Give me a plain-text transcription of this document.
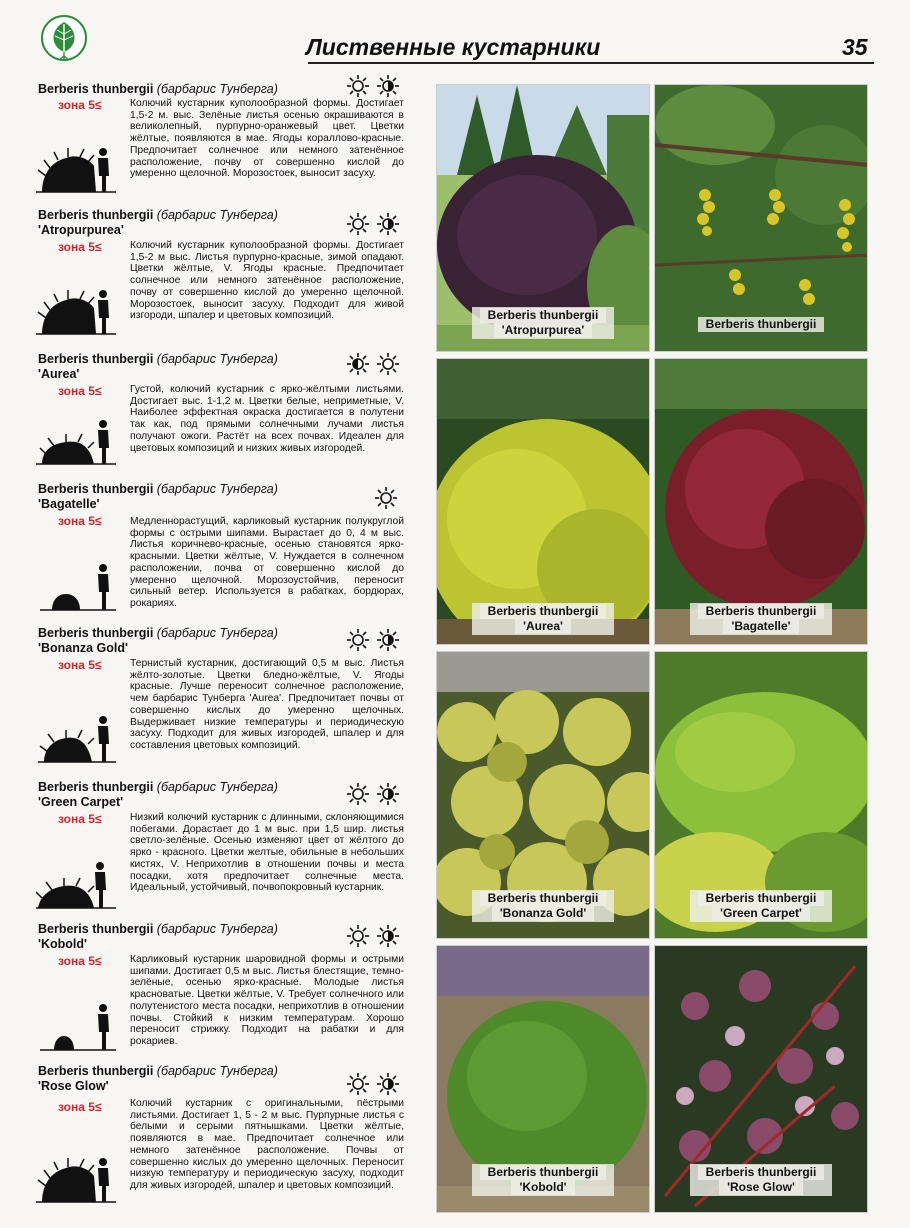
Лиственные кустарники	35
Berberis thunbergii (барбарис Тунберга)
зона 5≤	Колючий кустарник куполообразной формы. Достигает 1,5-2 м. выс. Зелёные листья осенью окрашиваются в великолепный, пурпурно-оранжевый цвет. Цветки жёлтые, появляются в мае. Ягоды кораллово-красные. Предпочитает солнечное или немного затенённое расположение, почву от совершенно кислой до умеренно щелочной. Морозостоек, выносит засуху.
Berberis thunbergii (барбарис Тунберга)
'Atropurpurea'
зона 5≤	Колючий кустарник куполообразной формы. Достигает 1,5-2 м выс. Листья пурпурно-красные, зимой опадают. Цветки жёлтые, V. Ягоды красные. Предпочитает солнечное или немного затенённое расположение, почву от совершенно кислой до умеренно щелочной. Морозостоек, выносит засуху. Подходит для живой изгороди, шпалер и цветовых композиций.
Berberis thunbergii (барбарис Тунберга)
'Aurea'
зона 5≤	Густой, колючий кустарник с ярко-жёлтыми листьями. Достигает выс. 1-1,2 м. Цветки белые, неприметные, V. Наиболее эффектная окраска достигается в полутени так как, под прямыми солнечными лучами листья получают ожоги. Растёт на всех почвах. Идеален для цветовых композиций и низких живых изгородей.
Berberis thunbergii (барбарис Тунберга)
'Bagatelle'
зона 5≤	Медленнорастущий, карликовый кустарник полукруглой формы с острыми шипами. Вырастает до 0, 4 м выс. Листья коричнево-красные, осенью становятся ярко-красными. Цветки жёлтые, V. Нуждается в солнечном расположении, почва от совершенно кислой до умеренно щелочной. Морозоустойчив, переносит сильный ветер. Используется в рабатках, бордюрах, рокариях.
Berberis thunbergii (барбарис Тунберга)
'Bonanza Gold'
зона 5≤	Тернистый кустарник, достигающий 0,5 м выс. Листья жёлто-золотые. Цветки бледно-жёлтые, V. Ягоды красные. Лучше переносит солнечное расположение, чем барбарис Тунберга 'Aurea'. Предпочитает почвы от совершенно кислых до умеренно щелочных. Выдерживает низкие температуры и периодическую засуху. Подходит для живых изгородей, шпалер и для составления цветовых композиций.
Berberis thunbergii (барбарис Тунберга)
'Green Carpet'
зона 5≤	Низкий колючий кустарник с длинными, склоняющимися побегами. Дорастает до 1 м выс. при 1,5 шир. листья светло-зелёные. Осенью изменяют цвет от жёлтого до ярко - красного. Цветки желтые, обильные в небольших кистях, V. Неприхотлив в отношении почвы и места посадки, хотя предпочитает солнечные места. Идеальный, устойчивый, почвопокровный кустарник.
Berberis thunbergii (барбарис Тунберга)
'Kobold'
зона 5≤	Карликовый кустарник шаровидной формы и острыми шипами. Достигает 0,5 м выс. Листья блестящие, темно-зелёные, осенью ярко-красные. Молодые листья красноватые. Цветки жёлтые, V. Требует солнечного или полутенистого места посадки, неприхотлив в отношении почвы. Стойкий к низким температурам. Хорошо переносит стрижку. Подходит на рабатки и для рокариев.
Berberis thunbergii (барбарис Тунберга)
'Rose Glow'
зона 5≤	Колючий кустарник с оригинальными, пёстрыми листьями. Достигает 1, 5 - 2 м выс. Пурпурные листья с белыми и серыми пятнышками. Цветки жёлтые, появляются в мае. Предпочитает солнечное или немного затенённое расположение. Почвы от совершенно кислых до умеренно щелочных. Переносит низкую температуру и периодическую засуху, подходит для живых изгородей, шпалер и цветовых композиций.
Berberis thunbergii
'Atropurpurea'	Berberis thunbergii
Berberis thunbergii
'Aurea'
Berberis thunbergii
'Bagatelle'
Berberis thunbergii
'Bonanza Gold'
Berberis thunbergii
'Green Carpet'
Berberis thunbergii
'Kobold'
Berberis thunbergii
'Rose Glow'
